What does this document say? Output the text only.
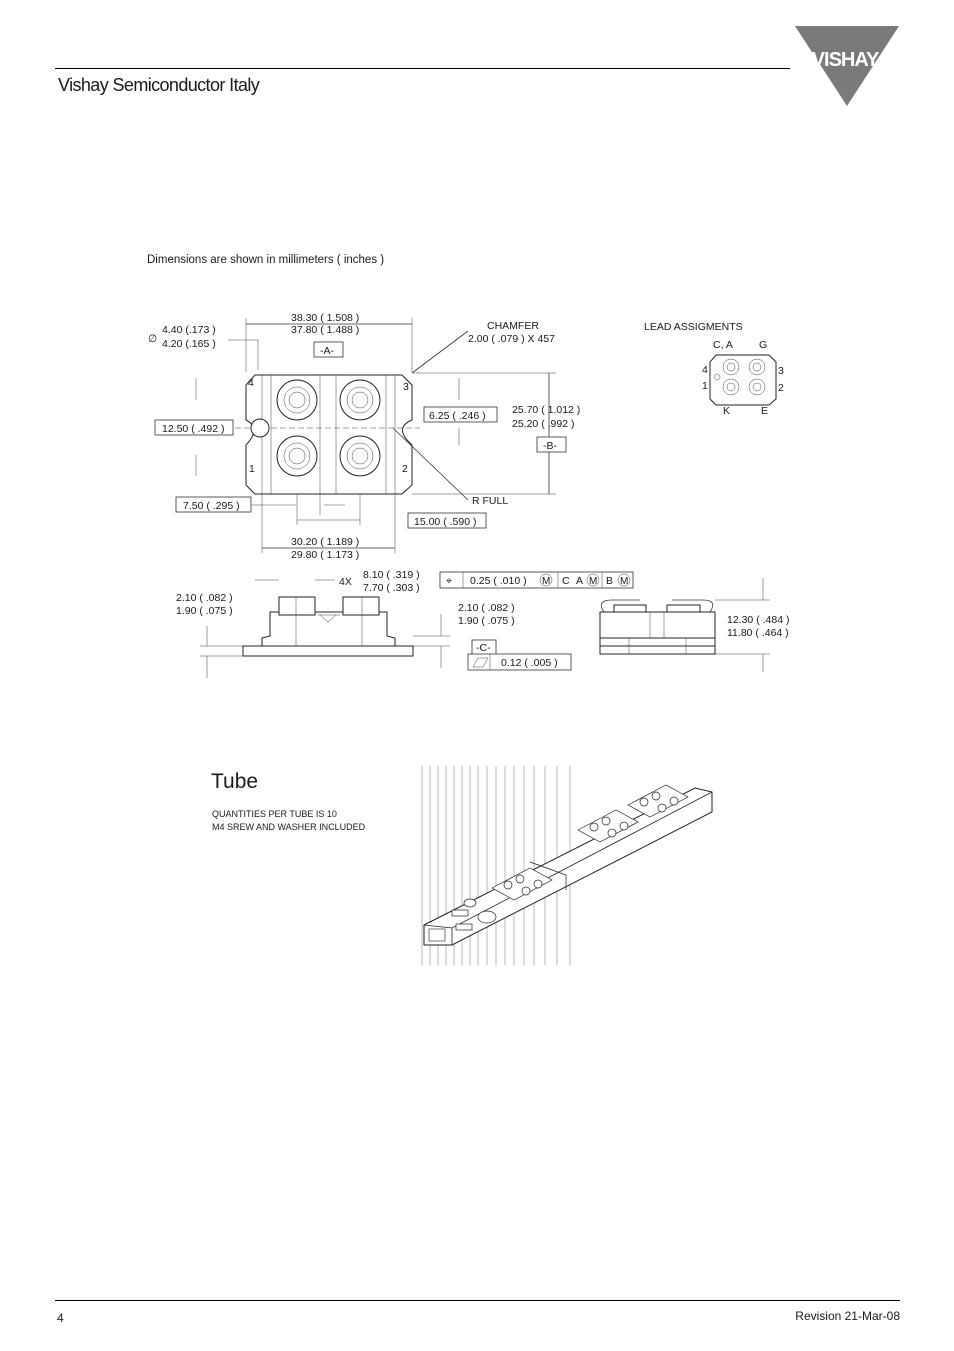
Vishay Semiconductor Italy
VISHAY
Dimensions are shown in millimeters ( inches )
4	3
1	2
38.30 ( 1.508 )
37.80 ( 1.488 )
-A-
∅
4.40 (.173 )
4.20 (.165 )
CHAMFER
2.00 ( .079 ) X 457
6.25 ( .246 )	25.70 ( 1.012 )
25.20 ( .992 )
-B-
12.50 ( .492 )
R FULL
7.50 ( .295 )
15.00 ( .590 )
30.20 ( 1.189 )
29.80 ( 1.173 )
4X
8.10 ( .319 )
7.70 ( .303 )
2.10 ( .082 )
1.90 ( .075 )	2.10 ( .082 )
1.90 ( .075 )
-C-
⌖ 0.25 ( .010 ) M C A M B M
0.12 ( .005 )
12.30 ( .484 )
11.80 ( .464 )
LEAD ASSIGMENTS
C, A G
4
1
3
2
K	E
Tube
QUANTITIES PER TUBE IS 10
M4 SREW AND WASHER INCLUDED
4	Revision 21-Mar-08
